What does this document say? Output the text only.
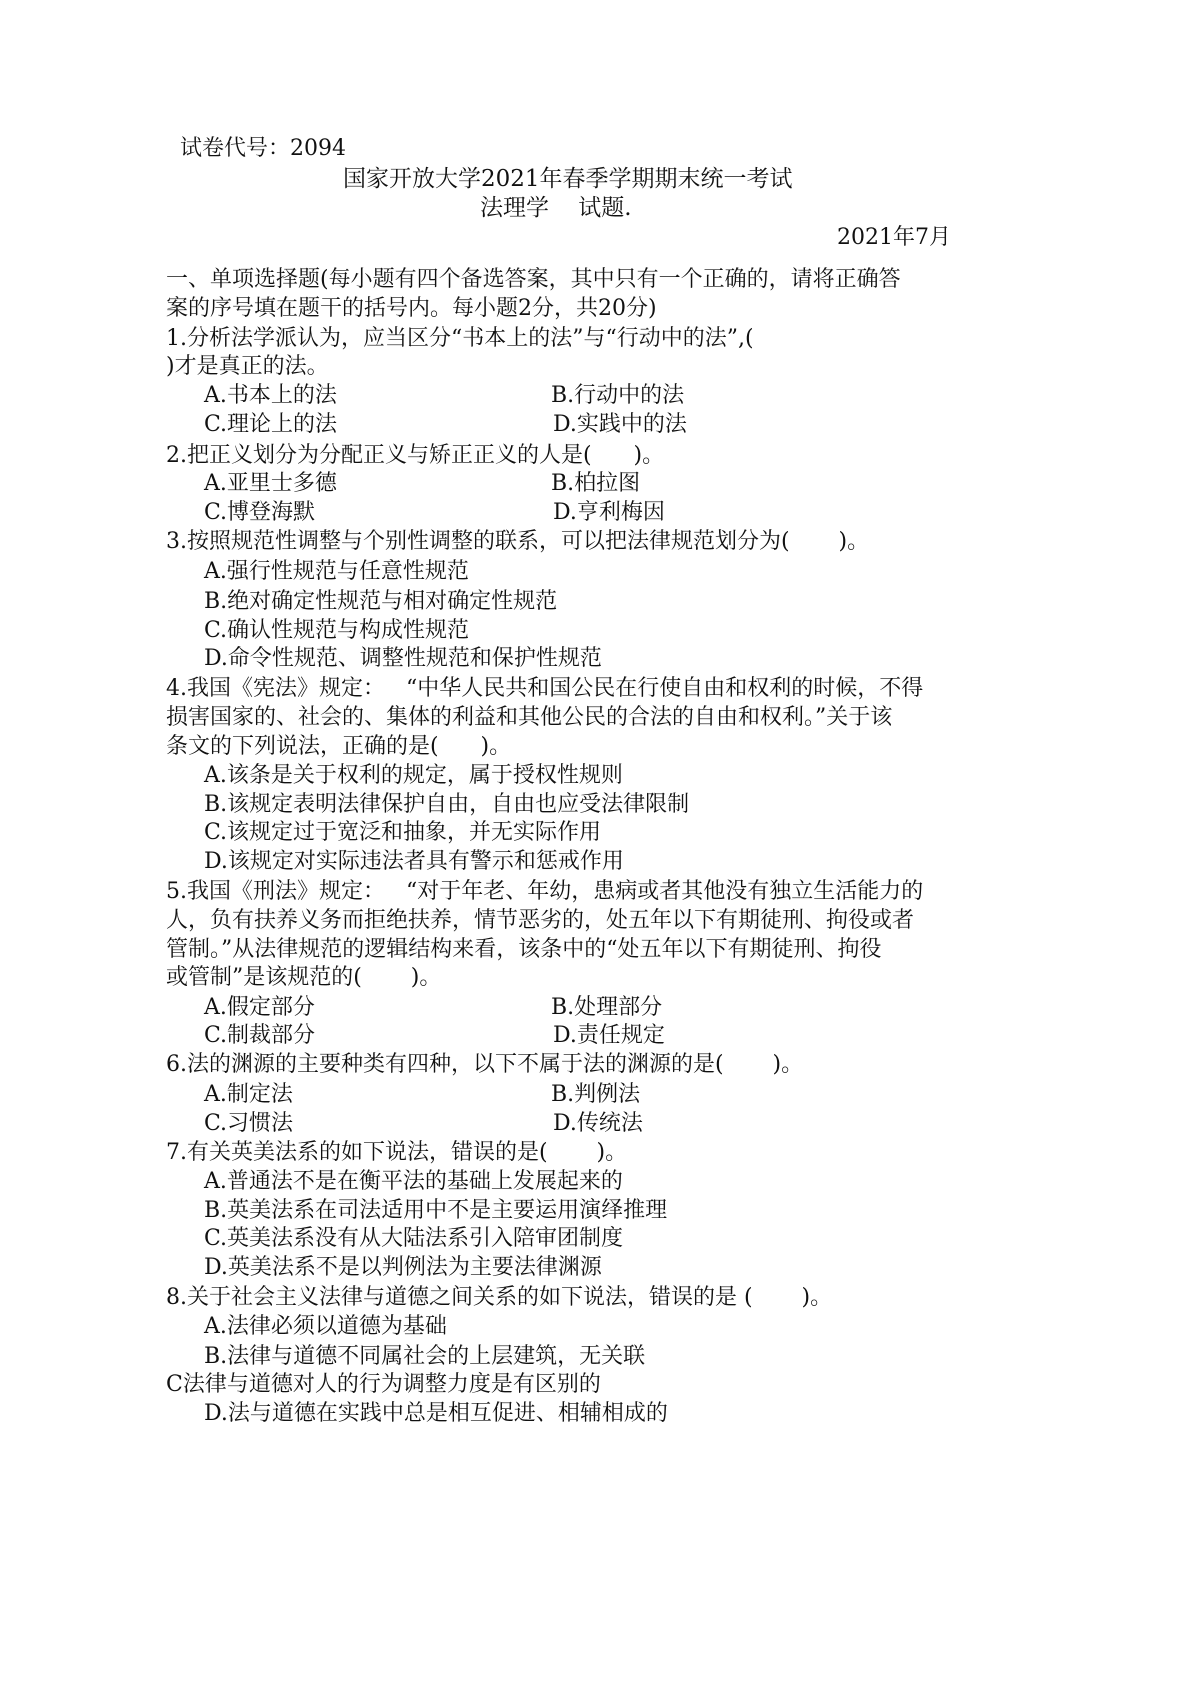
试卷代号：2094
国家开放大学2021年春季学期期末统一考试
法理学    试题.
2021年7月
一、单项选择题(每小题有四个备选答案，其中只有一个正确的，请将正确答
案的序号填在题干的括号内。每小题2分，共20分)
1.分析法学派认为，应当区分“书本上的法”与“行动中的法”,(
)才是真正的法。
A.书本上的法	B.行动中的法
C.理论上的法	D.实践中的法
2.把正义划分为分配正义与矫正正义的人是(      )。
A.亚里士多德	B.柏拉图
C.博登海默	D.亨利梅因
3.按照规范性调整与个别性调整的联系，可以把法律规范划分为(       )。
A.强行性规范与任意性规范
B.绝对确定性规范与相对确定性规范
C.确认性规范与构成性规范
D.命令性规范、调整性规范和保护性规范
4.我国《宪法》规定：   “中华人民共和国公民在行使自由和权利的时候，不得
损害国家的、社会的、集体的利益和其他公民的合法的自由和权利。”关于该
条文的下列说法，正确的是(      )。
A.该条是关于权利的规定，属于授权性规则
B.该规定表明法律保护自由，自由也应受法律限制
C.该规定过于宽泛和抽象，并无实际作用
D.该规定对实际违法者具有警示和惩戒作用
5.我国《刑法》规定：   “对于年老、年幼，患病或者其他没有独立生活能力的
人，负有扶养义务而拒绝扶养，情节恶劣的，处五年以下有期徒刑、拘役或者
管制。”从法律规范的逻辑结构来看，该条中的“处五年以下有期徒刑、拘役
或管制”是该规范的(       )。
A.假定部分	B.处理部分
C.制裁部分	D.责任规定
6.法的渊源的主要种类有四种，以下不属于法的渊源的是(       )。
A.制定法	B.判例法
C.习惯法	D.传统法
7.有关英美法系的如下说法，错误的是(       )。
A.普通法不是在衡平法的基础上发展起来的
B.英美法系在司法适用中不是主要运用演绎推理
C.英美法系没有从大陆法系引入陪审团制度
D.英美法系不是以判例法为主要法律渊源
8.关于社会主义法律与道德之间关系的如下说法，错误的是 (       )。
A.法律必须以道德为基础
B.法律与道德不同属社会的上层建筑，无关联
C法律与道德对人的行为调整力度是有区别的
D.法与道德在实践中总是相互促进、相辅相成的
